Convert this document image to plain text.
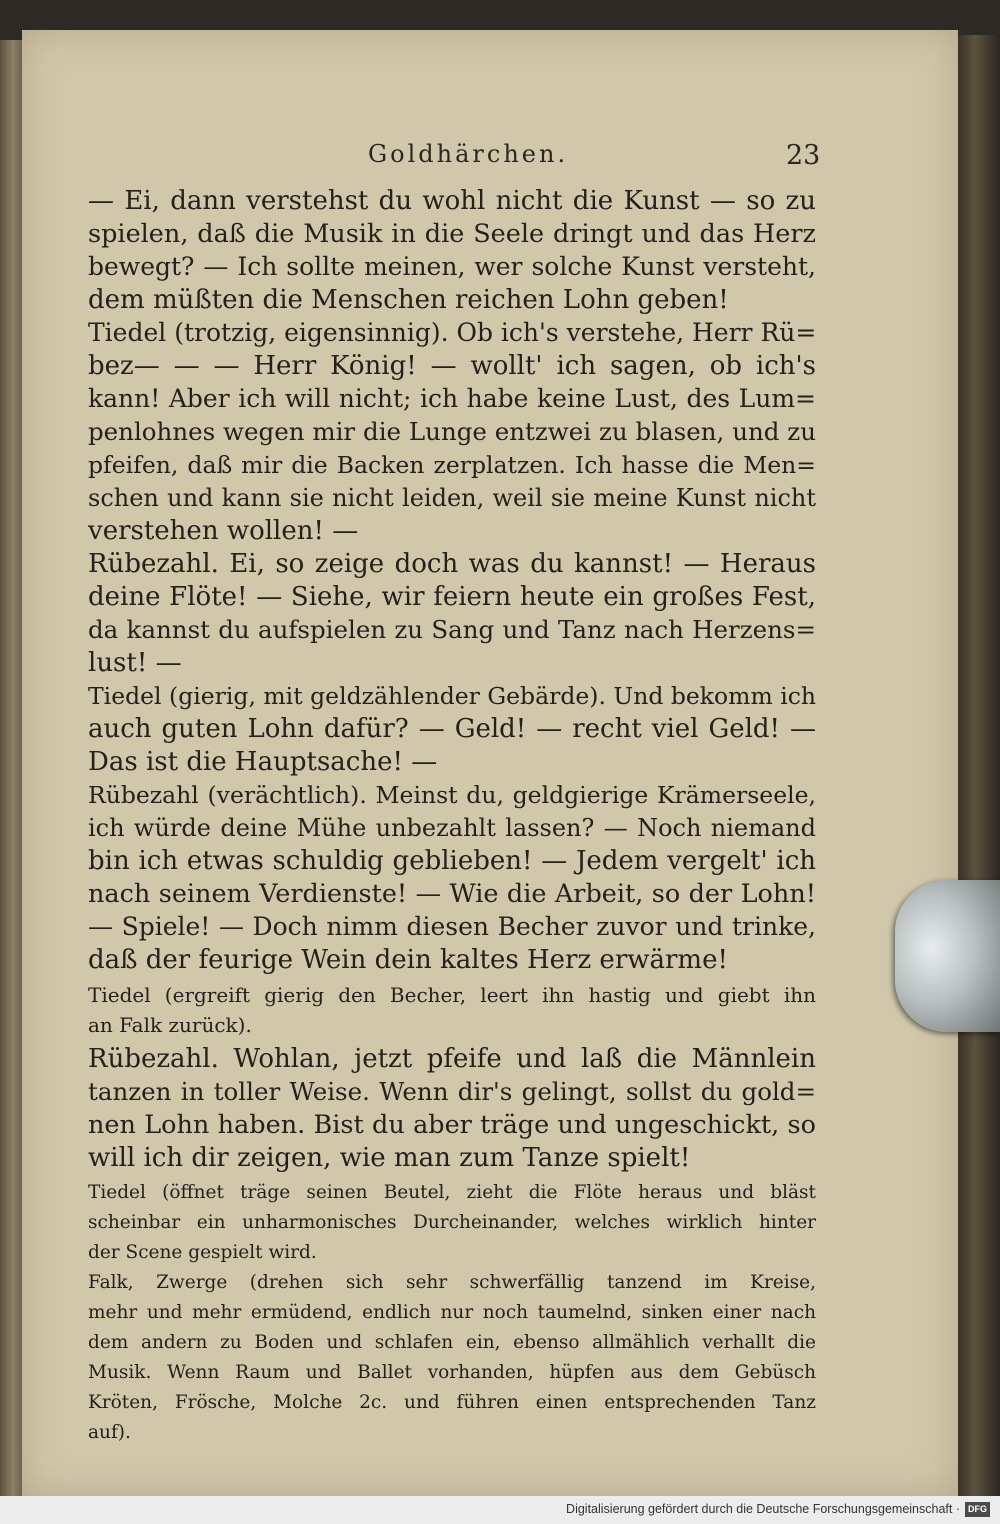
Goldhärchen.	23
— Ei, dann verstehst du wohl nicht die Kunst — so zu
spielen, daß die Musik in die Seele dringt und das Herz
bewegt? — Ich sollte meinen, wer solche Kunst versteht,
dem müßten die Menschen reichen Lohn geben!
Tiedel (trotzig, eigensinnig). Ob ich's verstehe, Herr Rü=
bez— — — Herr König! — wollt' ich sagen, ob ich's
kann! Aber ich will nicht; ich habe keine Lust, des Lum=
penlohnes wegen mir die Lunge entzwei zu blasen, und zu
pfeifen, daß mir die Backen zerplatzen. Ich hasse die Men=
schen und kann sie nicht leiden, weil sie meine Kunst nicht
verstehen wollen! —
Rübezahl. Ei, so zeige doch was du kannst! — Heraus
deine Flöte! — Siehe, wir feiern heute ein großes Fest,
da kannst du aufspielen zu Sang und Tanz nach Herzens=
lust! —
Tiedel (gierig, mit geldzählender Gebärde). Und bekomm ich
auch guten Lohn dafür? — Geld! — recht viel Geld! —
Das ist die Hauptsache! —
Rübezahl (verächtlich). Meinst du, geldgierige Krämerseele,
ich würde deine Mühe unbezahlt lassen? — Noch niemand
bin ich etwas schuldig geblieben! — Jedem vergelt' ich
nach seinem Verdienste! — Wie die Arbeit, so der Lohn!
— Spiele! — Doch nimm diesen Becher zuvor und trinke,
daß der feurige Wein dein kaltes Herz erwärme!
Tiedel (ergreift gierig den Becher, leert ihn hastig und giebt ihn
an Falk zurück).
Rübezahl. Wohlan, jetzt pfeife und laß die Männlein
tanzen in toller Weise. Wenn dir's gelingt, sollst du gold=
nen Lohn haben. Bist du aber träge und ungeschickt, so
will ich dir zeigen, wie man zum Tanze spielt!
Tiedel (öffnet träge seinen Beutel, zieht die Flöte heraus und bläst
scheinbar ein unharmonisches Durcheinander, welches wirklich hinter
der Scene gespielt wird.
Falk, Zwerge (drehen sich sehr schwerfällig tanzend im Kreise,
mehr und mehr ermüdend, endlich nur noch taumelnd, sinken einer nach
dem andern zu Boden und schlafen ein, ebenso allmählich verhallt die
Musik. Wenn Raum und Ballet vorhanden, hüpfen aus dem Gebüsch
Kröten, Frösche, Molche 2c. und führen einen entsprechenden Tanz
auf).
Digitalisierung gefördert durch die Deutsche Forschungsgemeinschaft · DFG
